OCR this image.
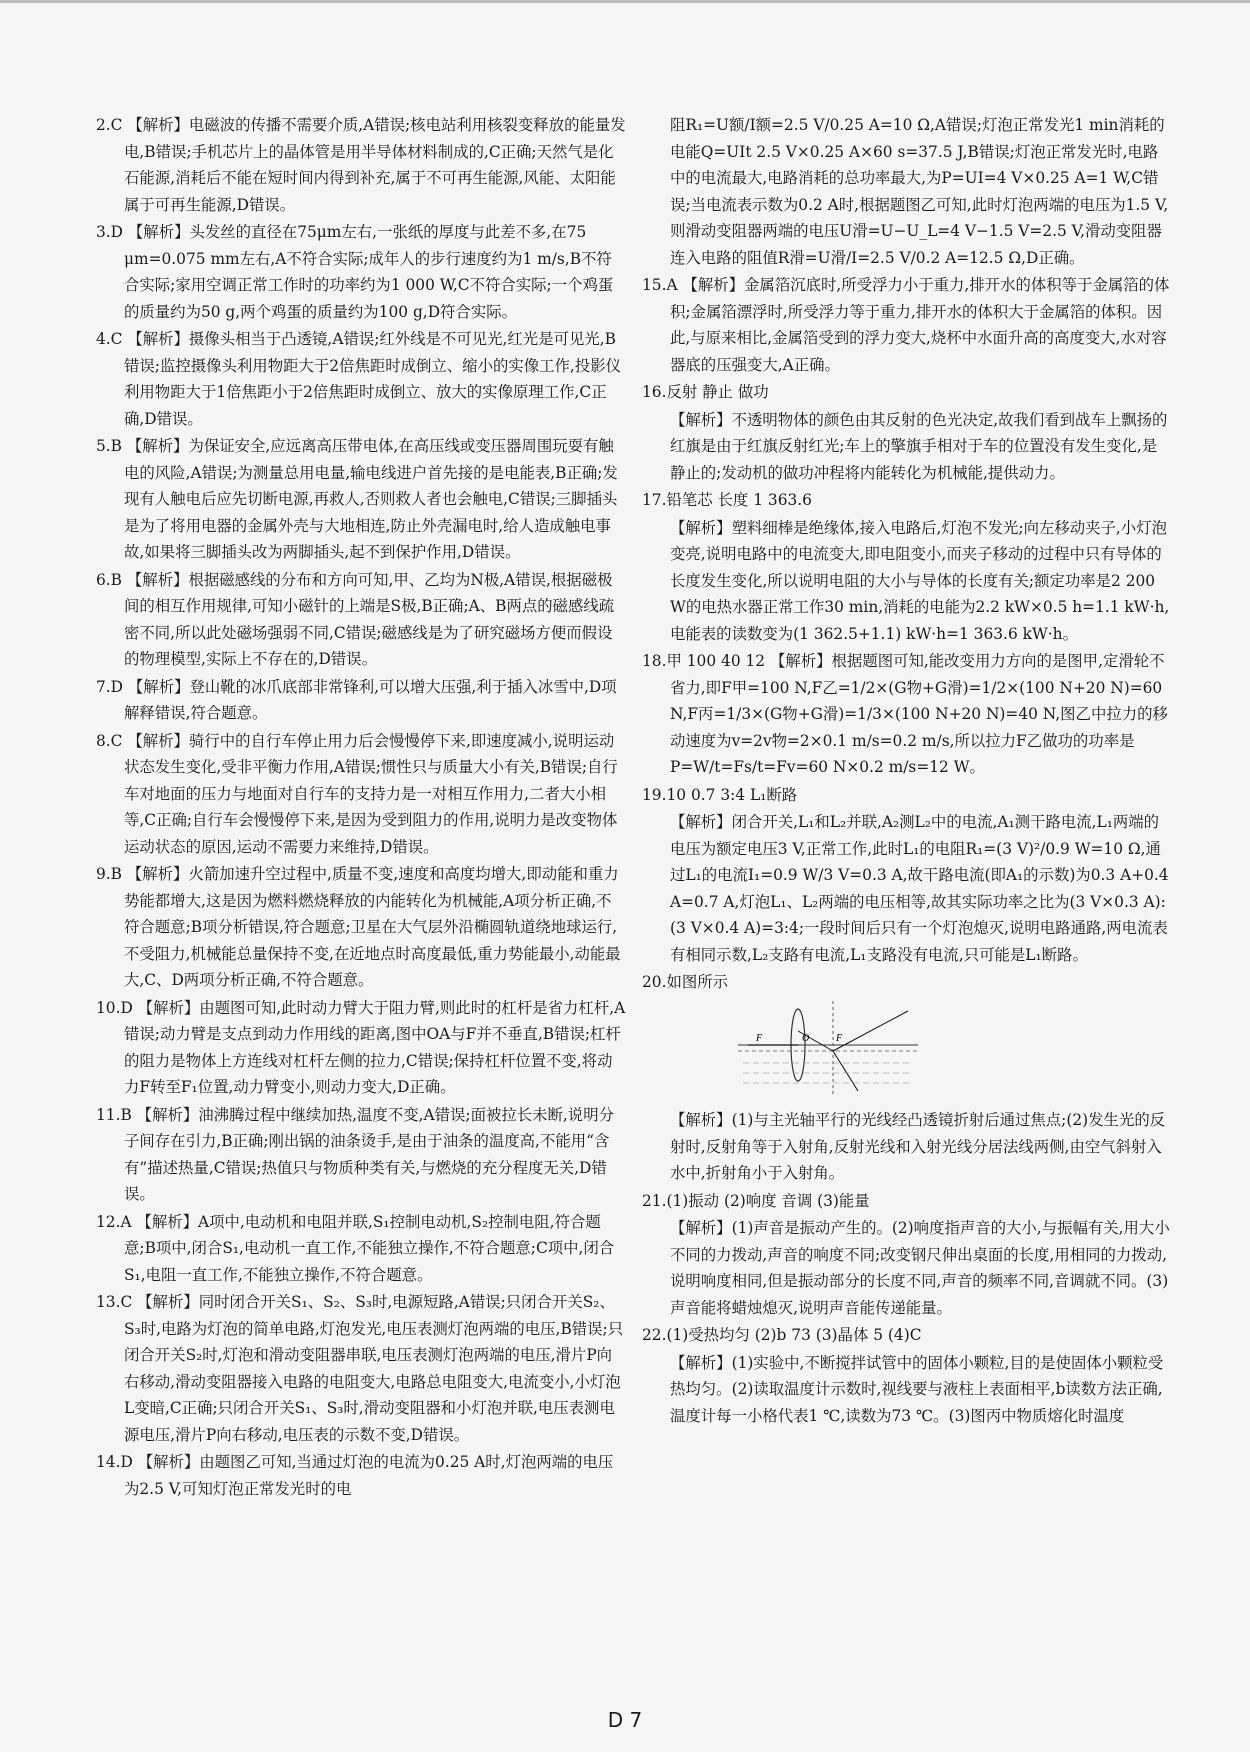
2.C 【解析】电磁波的传播不需要介质,A错误;核电站利用核裂变释放的能量发电,B错误;手机芯片上的晶体管是用半导体材料制成的,C正确;天然气是化石能源,消耗后不能在短时间内得到补充,属于不可再生能源,风能、太阳能属于可再生能源,D错误。

3.D 【解析】头发丝的直径在75μm左右,一张纸的厚度与此差不多,在75 μm=0.075 mm左右,A不符合实际;成年人的步行速度约为1 m/s,B不符合实际;家用空调正常工作时的功率约为1 000 W,C不符合实际;一个鸡蛋的质量约为50 g,两个鸡蛋的质量约为100 g,D符合实际。

4.C 【解析】摄像头相当于凸透镜,A错误;红外线是不可见光,红光是可见光,B错误;监控摄像头利用物距大于2倍焦距时成倒立、缩小的实像工作,投影仪利用物距大于1倍焦距小于2倍焦距时成倒立、放大的实像原理工作,C正确,D错误。

5.B 【解析】为保证安全,应远离高压带电体,在高压线或变压器周围玩耍有触电的风险,A错误;为测量总用电量,输电线进户首先接的是电能表,B正确;发现有人触电后应先切断电源,再救人,否则救人者也会触电,C错误;三脚插头是为了将用电器的金属外壳与大地相连,防止外壳漏电时,给人造成触电事故,如果将三脚插头改为两脚插头,起不到保护作用,D错误。

6.B 【解析】根据磁感线的分布和方向可知,甲、乙均为N极,A错误,根据磁极间的相互作用规律,可知小磁针的上端是S极,B正确;A、B两点的磁感线疏密不同,所以此处磁场强弱不同,C错误;磁感线是为了研究磁场方便而假设的物理模型,实际上不存在的,D错误。

7.D 【解析】登山靴的冰爪底部非常锋利,可以增大压强,利于插入冰雪中,D项解释错误,符合题意。

8.C 【解析】骑行中的自行车停止用力后会慢慢停下来,即速度减小,说明运动状态发生变化,受非平衡力作用,A错误;惯性只与质量大小有关,B错误;自行车对地面的压力与地面对自行车的支持力是一对相互作用力,二者大小相等,C正确;自行车会慢慢停下来,是因为受到阻力的作用,说明力是改变物体运动状态的原因,运动不需要力来维持,D错误。

9.B 【解析】火箭加速升空过程中,质量不变,速度和高度均增大,即动能和重力势能都增大,这是因为燃料燃烧释放的内能转化为机械能,A项分析正确,不符合题意;B项分析错误,符合题意;卫星在大气层外沿椭圆轨道绕地球运行,不受阻力,机械能总量保持不变,在近地点时高度最低,重力势能最小,动能最大,C、D两项分析正确,不符合题意。

10.D 【解析】由题图可知,此时动力臂大于阻力臂,则此时的杠杆是省力杠杆,A错误;动力臂是支点到动力作用线的距离,图中OA与F并不垂直,B错误;杠杆的阻力是物体上方连线对杠杆左侧的拉力,C错误;保持杠杆位置不变,将动力F转至F₁位置,动力臂变小,则动力变大,D正确。

11.B 【解析】油沸腾过程中继续加热,温度不变,A错误;面被拉长未断,说明分子间存在引力,B正确;刚出锅的油条烫手,是由于油条的温度高,不能用“含有”描述热量,C错误;热值只与物质种类有关,与燃烧的充分程度无关,D错误。

12.A 【解析】A项中,电动机和电阻并联,S₁控制电动机,S₂控制电阻,符合题意;B项中,闭合S₁,电动机一直工作,不能独立操作,不符合题意;C项中,闭合S₁,电阻一直工作,不能独立操作,不符合题意。

13.C 【解析】同时闭合开关S₁、S₂、S₃时,电源短路,A错误;只闭合开关S₂、S₃时,电路为灯泡的简单电路,灯泡发光,电压表测灯泡两端的电压,B错误;只闭合开关S₂时,灯泡和滑动变阻器串联,电压表测灯泡两端的电压,滑片P向右移动,滑动变阻器接入电路的电阻变大,电路总电阻变大,电流变小,小灯泡L变暗,C正确;只闭合开关S₁、S₃时,滑动变阻器和小灯泡并联,电压表测电源电压,滑片P向右移动,电压表的示数不变,D错误。

14.D 【解析】由题图乙可知,当通过灯泡的电流为0.25 A时,灯泡两端的电压为2.5 V,可知灯泡正常发光时的电

阻R₁=U额/I额=2.5 V/0.25 A=10 Ω,A错误;灯泡正常发光1 min消耗的电能Q=UIt 2.5 V×0.25 A×60 s=37.5 J,B错误;灯泡正常发光时,电路中的电流最大,电路消耗的总功率最大,为P=UI=4 V×0.25 A=1 W,C错误;当电流表示数为0.2 A时,根据题图乙可知,此时灯泡两端的电压为1.5 V,则滑动变阻器两端的电压U滑=U−U_L=4 V−1.5 V=2.5 V,滑动变阻器连入电路的阻值R滑=U滑/I=2.5 V/0.2 A=12.5 Ω,D正确。

15.A 【解析】金属箔沉底时,所受浮力小于重力,排开水的体积等于金属箔的体积;金属箔漂浮时,所受浮力等于重力,排开水的体积大于金属箔的体积。因此,与原来相比,金属箔受到的浮力变大,烧杯中水面升高的高度变大,水对容器底的压强变大,A正确。

16.反射 静止 做功

【解析】不透明物体的颜色由其反射的色光决定,故我们看到战车上飘扬的红旗是由于红旗反射红光;车上的擎旗手相对于车的位置没有发生变化,是静止的;发动机的做功冲程将内能转化为机械能,提供动力。

17.铅笔芯 长度 1 363.6

【解析】塑料细棒是绝缘体,接入电路后,灯泡不发光;向左移动夹子,小灯泡变亮,说明电路中的电流变大,即电阻变小,而夹子移动的过程中只有导体的长度发生变化,所以说明电阻的大小与导体的长度有关;额定功率是2 200 W的电热水器正常工作30 min,消耗的电能为2.2 kW×0.5 h=1.1 kW·h,电能表的读数变为(1 362.5+1.1) kW·h=1 363.6 kW·h。

18.甲 100 40 12 【解析】根据题图可知,能改变用力方向的是图甲,定滑轮不省力,即F甲=100 N,F乙=1/2×(G物+G滑)=1/2×(100 N+20 N)=60 N,F丙=1/3×(G物+G滑)=1/3×(100 N+20 N)=40 N,图乙中拉力的移动速度为v=2v物=2×0.1 m/s=0.2 m/s,所以拉力F乙做功的功率是P=W/t=Fs/t=Fv=60 N×0.2 m/s=12 W。

19.10 0.7 3:4 L₁断路

【解析】闭合开关,L₁和L₂并联,A₂测L₂中的电流,A₁测干路电流,L₁两端的电压为额定电压3 V,正常工作,此时L₁的电阻R₁=(3 V)²/0.9 W=10 Ω,通过L₁的电流I₁=0.9 W/3 V=0.3 A,故干路电流(即A₁的示数)为0.3 A+0.4 A=0.7 A,灯泡L₁、L₂两端的电压相等,故其实际功率之比为(3 V×0.3 A):(3 V×0.4 A)=3:4;一段时间后只有一个灯泡熄灭,说明电路通路,两电流表有相同示数,L₂支路有电流,L₁支路没有电流,只可能是L₁断路。

20.如图所示

F	O	F

【解析】(1)与主光轴平行的光线经凸透镜折射后通过焦点;(2)发生光的反射时,反射角等于入射角,反射光线和入射光线分居法线两侧,由空气斜射入水中,折射角小于入射角。

21.(1)振动 (2)响度 音调 (3)能量

【解析】(1)声音是振动产生的。(2)响度指声音的大小,与振幅有关,用大小不同的力拨动,声音的响度不同;改变钢尺伸出桌面的长度,用相同的力拨动,说明响度相同,但是振动部分的长度不同,声音的频率不同,音调就不同。(3)声音能将蜡烛熄灭,说明声音能传递能量。

22.(1)受热均匀 (2)b 73 (3)晶体 5 (4)C

【解析】(1)实验中,不断搅拌试管中的固体小颗粒,目的是使固体小颗粒受热均匀。(2)读取温度计示数时,视线要与液柱上表面相平,b读数方法正确,温度计每一小格代表1 ℃,读数为73 ℃。(3)图丙中物质熔化时温度

D 7
